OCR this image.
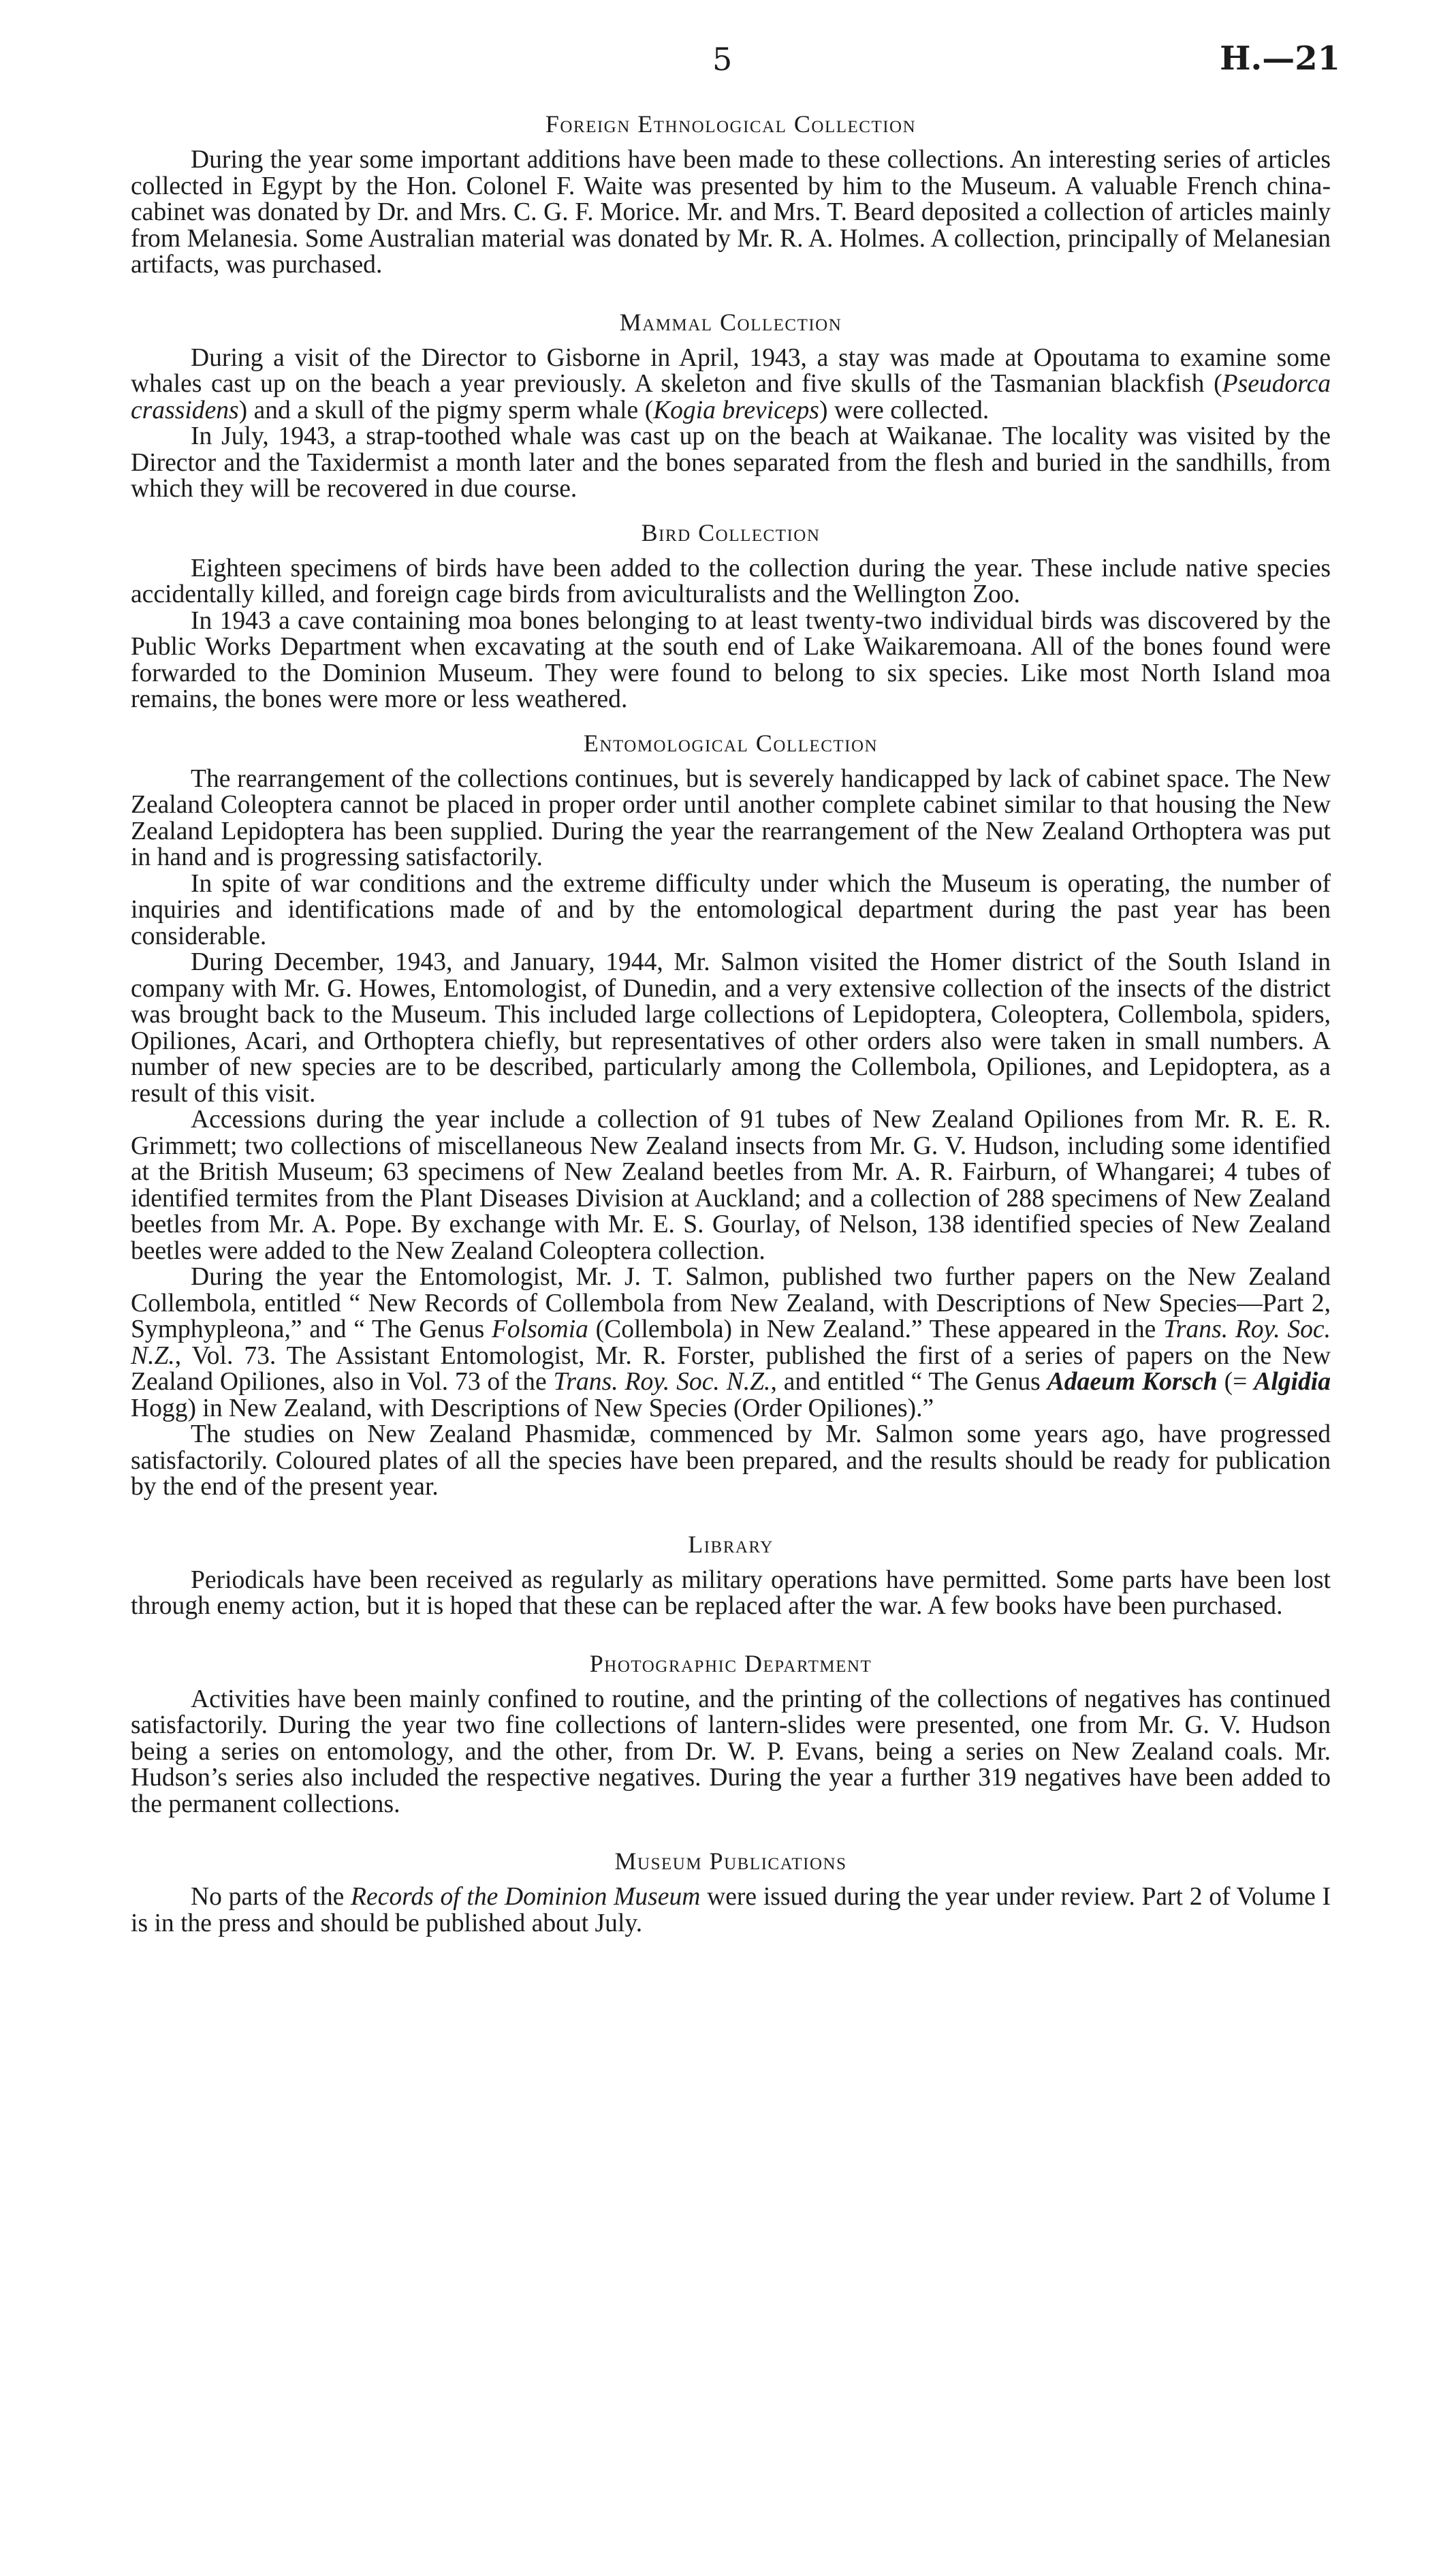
5	H.—21
Foreign Ethnological Collection

During the year some important additions have been made to these collections. An interesting series of articles collected in Egypt by the Hon. Colonel F. Waite was presented by him to the Museum. A valuable French china-cabinet was donated by Dr. and Mrs. C. G. F. Morice. Mr. and Mrs. T. Beard deposited a collection of articles mainly from Melanesia. Some Australian material was donated by Mr. R. A. Holmes. A collection, principally of Melanesian artifacts, was purchased.

Mammal Collection

During a visit of the Director to Gisborne in April, 1943, a stay was made at Opoutama to examine some whales cast up on the beach a year previously. A skeleton and five skulls of the Tasmanian blackfish (Pseudorca crassidens) and a skull of the pigmy sperm whale (Kogia breviceps) were collected.

In July, 1943, a strap-toothed whale was cast up on the beach at Waikanae. The locality was visited by the Director and the Taxidermist a month later and the bones separated from the flesh and buried in the sandhills, from which they will be recovered in due course.

Bird Collection

Eighteen specimens of birds have been added to the collection during the year. These include native species accidentally killed, and foreign cage birds from aviculturalists and the Wellington Zoo.

In 1943 a cave containing moa bones belonging to at least twenty-two individual birds was discovered by the Public Works Department when excavating at the south end of Lake Waikaremoana. All of the bones found were forwarded to the Dominion Museum. They were found to belong to six species. Like most North Island moa remains, the bones were more or less weathered.

Entomological Collection

The rearrangement of the collections continues, but is severely handicapped by lack of cabinet space. The New Zealand Coleoptera cannot be placed in proper order until another complete cabinet similar to that housing the New Zealand Lepidoptera has been supplied. During the year the rearrangement of the New Zealand Orthoptera was put in hand and is progressing satisfactorily.

In spite of war conditions and the extreme difficulty under which the Museum is operating, the number of inquiries and identifications made of and by the entomological department during the past year has been considerable.

During December, 1943, and January, 1944, Mr. Salmon visited the Homer district of the South Island in company with Mr. G. Howes, Entomologist, of Dunedin, and a very extensive collection of the insects of the district was brought back to the Museum. This included large collections of Lepidoptera, Coleoptera, Collembola, spiders, Opiliones, Acari, and Orthoptera chiefly, but representatives of other orders also were taken in small numbers. A number of new species are to be described, particularly among the Collembola, Opiliones, and Lepidoptera, as a result of this visit.

Accessions during the year include a collection of 91 tubes of New Zealand Opiliones from Mr. R. E. R. Grimmett; two collections of miscellaneous New Zealand insects from Mr. G. V. Hudson, including some identified at the British Museum; 63 specimens of New Zealand beetles from Mr. A. R. Fairburn, of Whangarei; 4 tubes of identified termites from the Plant Diseases Division at Auckland; and a collection of 288 specimens of New Zealand beetles from Mr. A. Pope. By exchange with Mr. E. S. Gourlay, of Nelson, 138 identified species of New Zealand beetles were added to the New Zealand Coleoptera collection.

During the year the Entomologist, Mr. J. T. Salmon, published two further papers on the New Zealand Collembola, entitled “ New Records of Collembola from New Zealand, with Descriptions of New Species—Part 2, Symphypleona,” and “ The Genus Folsomia (Collembola) in New Zealand.” These appeared in the Trans. Roy. Soc. N.Z., Vol. 73. The Assistant Entomologist, Mr. R. Forster, published the first of a series of papers on the New Zealand Opiliones, also in Vol. 73 of the Trans. Roy. Soc. N.Z., and entitled “ The Genus Adaeum Korsch (= Algidia Hogg) in New Zealand, with Descriptions of New Species (Order Opiliones).”

The studies on New Zealand Phasmidæ, commenced by Mr. Salmon some years ago, have progressed satisfactorily. Coloured plates of all the species have been prepared, and the results should be ready for publication by the end of the present year.

Library

Periodicals have been received as regularly as military operations have permitted. Some parts have been lost through enemy action, but it is hoped that these can be replaced after the war. A few books have been purchased.

Photographic Department

Activities have been mainly confined to routine, and the printing of the collections of negatives has continued satisfactorily. During the year two fine collections of lantern-slides were presented, one from Mr. G. V. Hudson being a series on entomology, and the other, from Dr. W. P. Evans, being a series on New Zealand coals. Mr. Hudson’s series also included the respective negatives. During the year a further 319 negatives have been added to the permanent collections.

Museum Publications

No parts of the Records of the Dominion Museum were issued during the year under review. Part 2 of Volume I is in the press and should be published about July.
